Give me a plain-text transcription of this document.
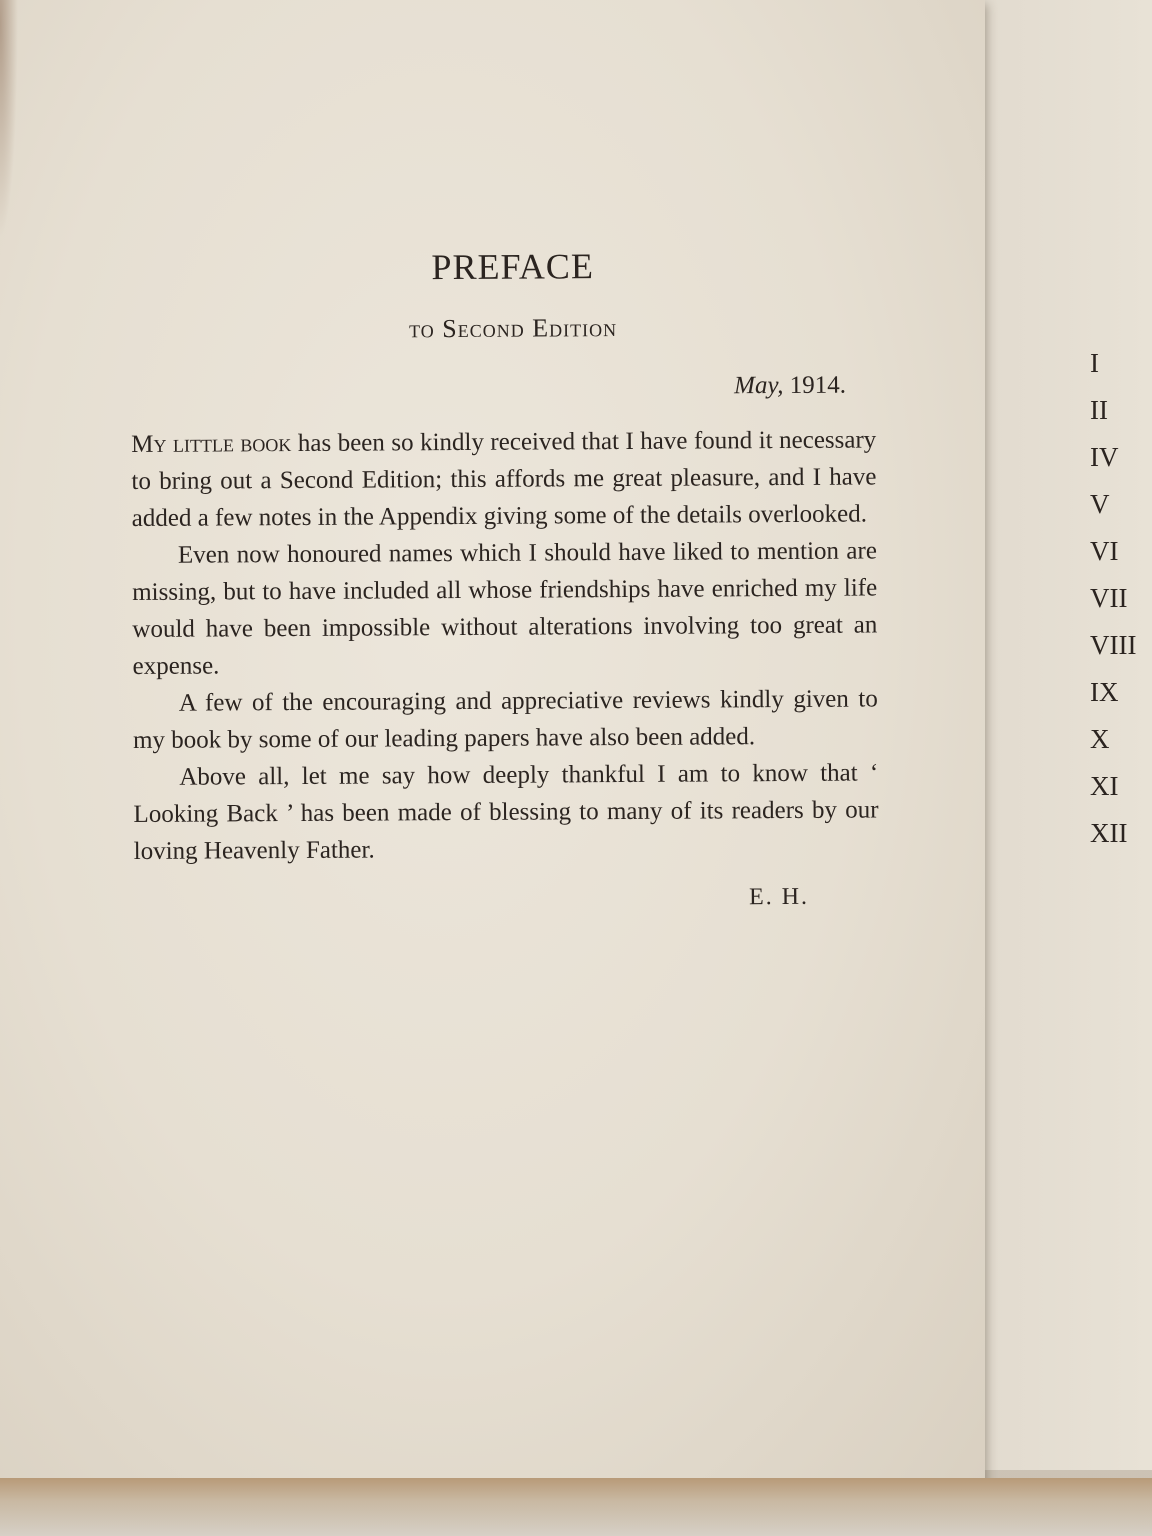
PREFACE
to Second Edition
May, 1914.

My little book has been so kindly received that I have found it necessary to bring out a Second Edition; this affords me great pleasure, and I have added a few notes in the Appendix giving some of the details overlooked.

Even now honoured names which I should have liked to mention are missing, but to have included all whose friendships have enriched my life would have been impossible without alterations involving too great an expense.

A few of the encouraging and appreciative reviews kindly given to my book by some of our leading papers have also been added.

Above all, let me say how deeply thankful I am to know that ‘ Looking Back ’ has been made of blessing to many of its readers by our loving Heavenly Father.

E. H.
I
II
IV
V
VI
VII
VIII
IX
X
XI
XII
